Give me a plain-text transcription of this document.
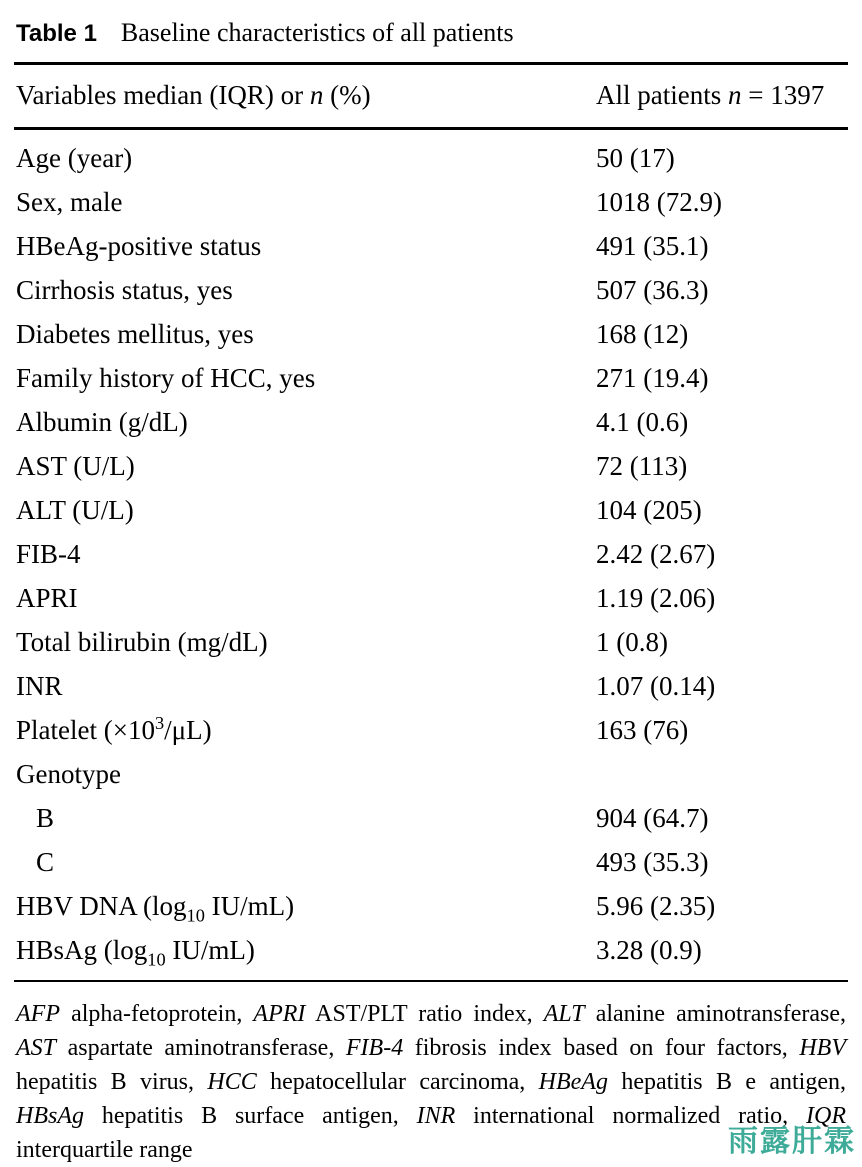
Table 1 Baseline characteristics of all patients
Variables median (IQR) or n (%)	All patients n = 1397
Age (year)	50 (17)
Sex, male	1018 (72.9)
HBeAg-positive status	491 (35.1)
Cirrhosis status, yes	507 (36.3)
Diabetes mellitus, yes	168 (12)
Family history of HCC, yes	271 (19.4)
Albumin (g/dL)	4.1 (0.6)
AST (U/L)	72 (113)
ALT (U/L)	104 (205)
FIB-4	2.42 (2.67)
APRI	1.19 (2.06)
Total bilirubin (mg/dL)	1 (0.8)
INR	1.07 (0.14)
Platelet $(\times 10^3/\mu L)$	163 (76)
Genotype
B	904 (64.7)
C	493 (35.3)
HBV DNA ($\log_{10}$ IU/mL)	5.96 (2.35)
HBsAg ($\log_{10}$ IU/mL)	3.28 (0.9)
AFP alpha-fetoprotein, APRI AST/PLT ratio index, ALT alanine aminotransferase, AST aspartate aminotransferase, FIB-4 fibrosis index based on four factors, HBV hepatitis B virus, HCC hepatocellular carcinoma, HBeAg hepatitis B e antigen, HBsAg hepatitis B surface antigen, INR international normalized ratio, IQR interquartile range	雨露肝霖
